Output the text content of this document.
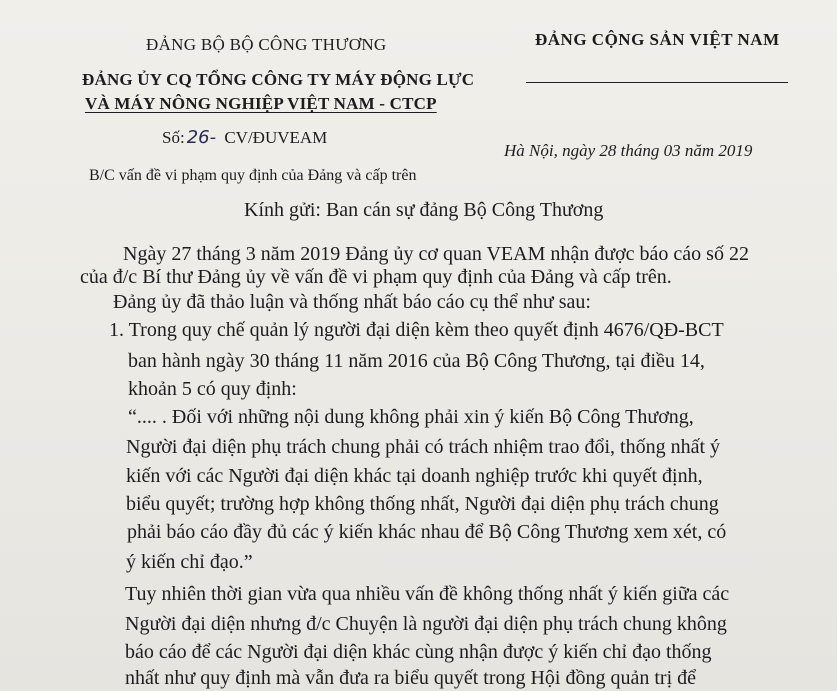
ĐẢNG BỘ BỘ CÔNG THƯƠNG
ĐẢNG ỦY CQ TỔNG CÔNG TY MÁY ĐỘNG LỰC
VÀ MÁY NÔNG NGHIỆP VIỆT NAM - CTCP
ĐẢNG CỘNG SẢN VIỆT NAM
Số: 26- CV/ĐUVEAM
Hà Nội, ngày 28 tháng 03 năm 2019
B/C vấn đề vi phạm quy định của Đảng và cấp trên
Kính gửi: Ban cán sự đảng Bộ Công Thương
Ngày 27 tháng 3 năm 2019 Đảng ủy cơ quan VEAM nhận được báo cáo số 22
của đ/c Bí thư Đảng ủy về vấn đề vi phạm quy định của Đảng và cấp trên.
Đảng ủy đã thảo luận và thống nhất báo cáo cụ thể như sau:
1. Trong quy chế quản lý người đại diện kèm theo quyết định 4676/QĐ-BCT
ban hành ngày 30 tháng 11 năm 2016 của Bộ Công Thương, tại điều 14,
khoản 5 có quy định:
“.... . Đối với những nội dung không phải xin ý kiến Bộ Công Thương,
Người đại diện phụ trách chung phải có trách nhiệm trao đổi, thống nhất ý
kiến với các Người đại diện khác tại doanh nghiệp trước khi quyết định,
biểu quyết; trường hợp không thống nhất, Người đại diện phụ trách chung
phải báo cáo đầy đủ các ý kiến khác nhau để Bộ Công Thương xem xét, có
ý kiến chỉ đạo.”
Tuy nhiên thời gian vừa qua nhiều vấn đề không thống nhất ý kiến giữa các
Người đại diện nhưng đ/c Chuyện là người đại diện phụ trách chung không
báo cáo để các Người đại diện khác cùng nhận được ý kiến chỉ đạo thống
nhất như quy định mà vẫn đưa ra biểu quyết trong Hội đồng quản trị để
